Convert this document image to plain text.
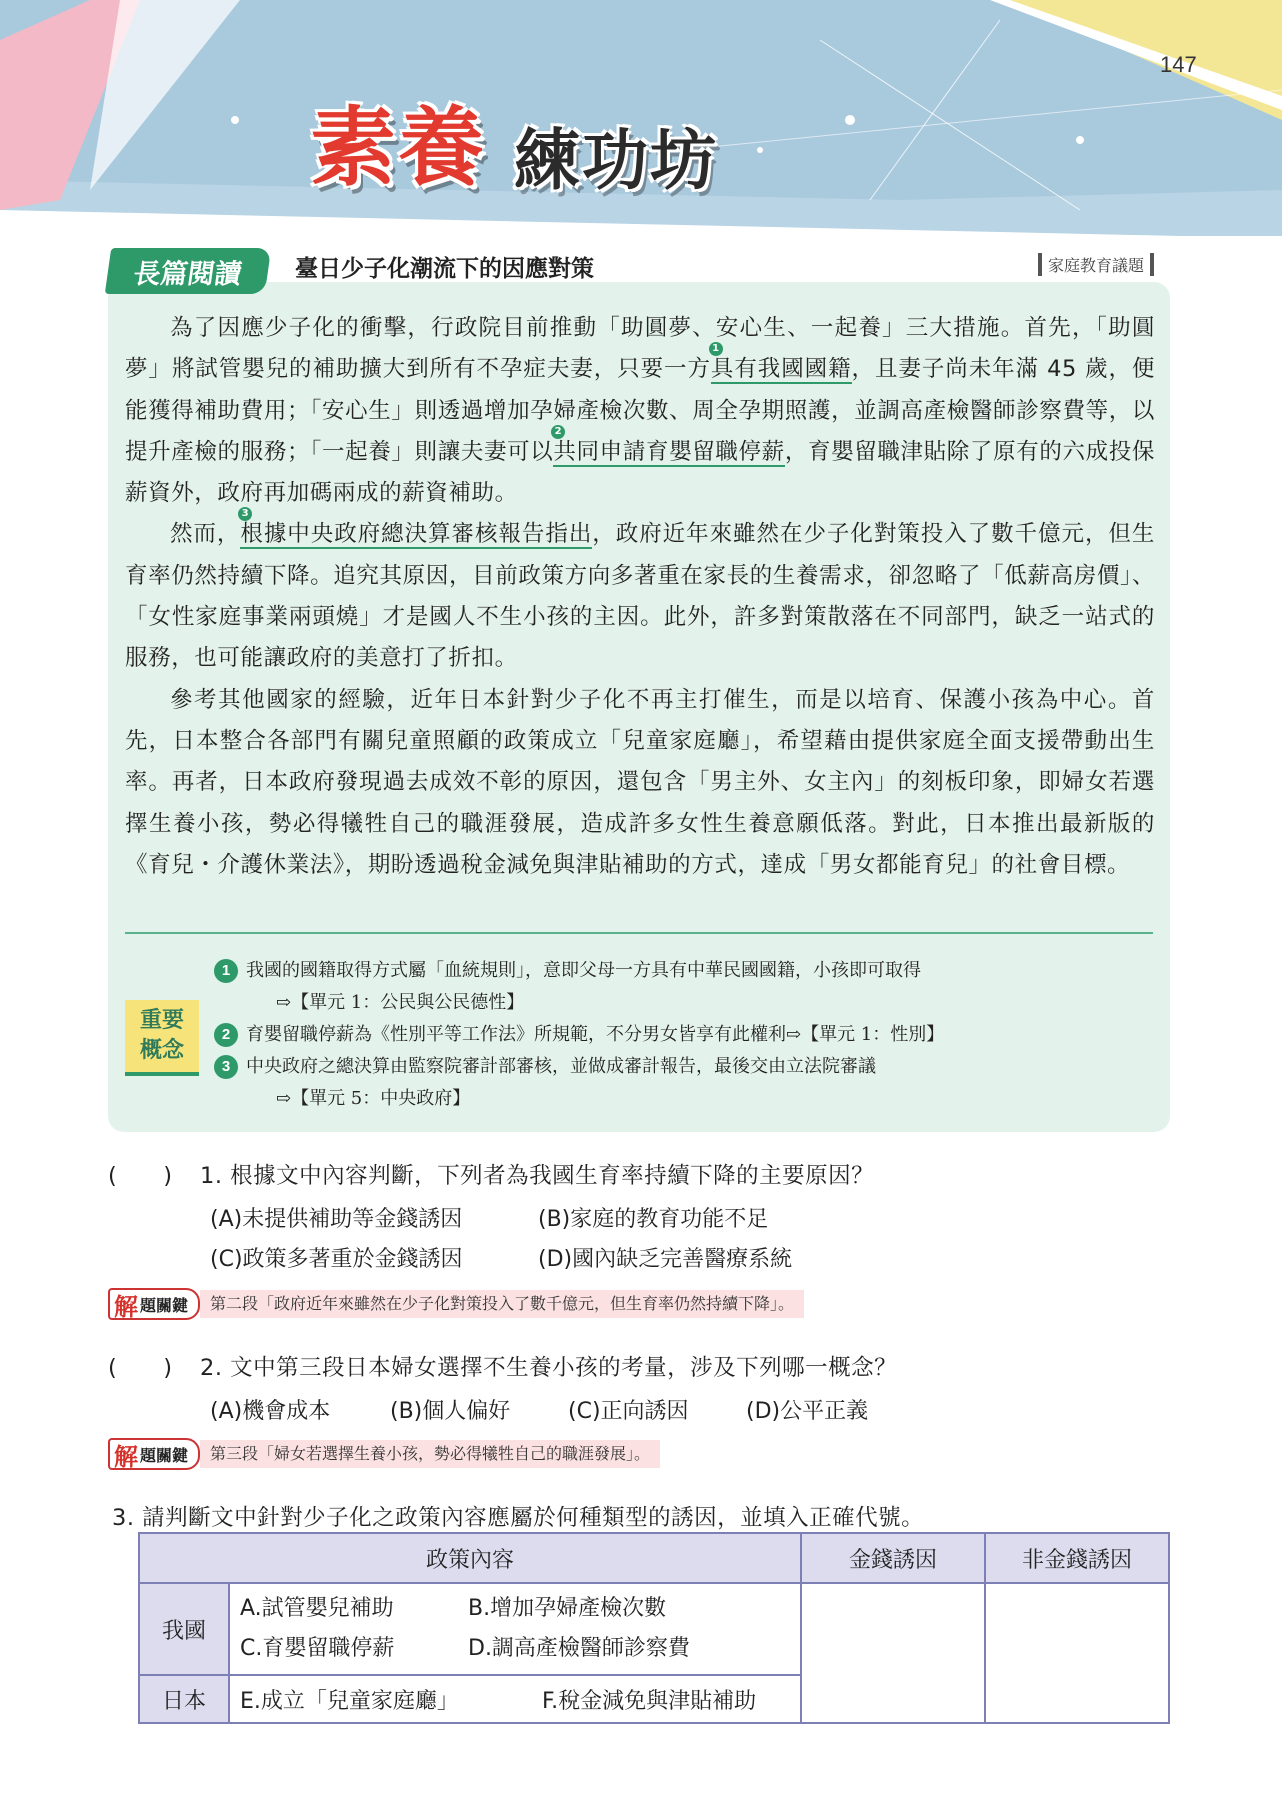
147
素養 練功坊
長篇閱讀 臺日少子化潮流下的因應對策	家庭教育議題

為了因應少子化的衝擊，行政院目前推動「助圓夢、安心生、一起養」三大措施。首先，「助圓夢」將試管嬰兒的補助擴大到所有不孕症夫妻，只要一方
1
具有我國國籍，且妻子尚未年滿 45 歲，便能獲得補助費用；「安心生」則透過增加孕婦產檢次數、周全孕期照護，並調高產檢醫師診察費等，以提升產檢的服務；「一起養」則讓夫妻可以
2
共同申請育嬰留職停薪，育嬰留職津貼除了原有的六成投保薪資外，政府再加碼兩成的薪資補助。

然而，
3
根據中央政府總決算審核報告指出，政府近年來雖然在少子化對策投入了數千億元，但生育率仍然持續下降。追究其原因，目前政策方向多著重在家長的生養需求，卻忽略了「低薪高房價」、「女性家庭事業兩頭燒」才是國人不生小孩的主因。此外，許多對策散落在不同部門，缺乏一站式的服務，也可能讓政府的美意打了折扣。

參考其他國家的經驗，近年日本針對少子化不再主打催生，而是以培育、保護小孩為中心。首先，日本整合各部門有關兒童照顧的政策成立「兒童家庭廳」，希望藉由提供家庭全面支援帶動出生率。再者，日本政府發現過去成效不彰的原因，還包含「男主外、女主內」的刻板印象，即婦女若選擇生養小孩，勢必得犧牲自己的職涯發展，造成許多女性生養意願低落。對此，日本推出最新版的《育兒・介護休業法》，期盼透過稅金減免與津貼補助的方式，達成「男女都能育兒」的社會目標。

重要
概念
1 我國的國籍取得方式屬「血統規則」，意即父母一方具有中華民國國籍，小孩即可取得
⇨【單元 1：公民與公民德性】
2 育嬰留職停薪為《性別平等工作法》所規範，不分男女皆享有此權利⇨【單元 1：性別】
3 中央政府之總決算由監察院審計部審核，並做成審計報告，最後交由立法院審議
⇨【單元 5：中央政府】
(　　) 1. 根據文中內容判斷，下列者為我國生育率持續下降的主要原因？
(A)未提供補助等金錢誘因	(B)家庭的教育功能不足
(C)政策多著重於金錢誘因	(D)國內缺乏完善醫療系統
解 題關鍵	第二段「政府近年來雖然在少子化對策投入了數千億元，但生育率仍然持續下降」。
(　　) 2. 文中第三段日本婦女選擇不生養小孩的考量，涉及下列哪一概念？
(A)機會成本	(B)個人偏好	(C)正向誘因	(D)公平正義
解 題關鍵	第三段「婦女若選擇生養小孩，勢必得犧牲自己的職涯發展」。
3. 請判斷文中針對少子化之政策內容應屬於何種類型的誘因，並填入正確代號。
政策內容		金錢誘因	非金錢誘因
我國	A.試管嬰兒補助 B.增加孕婦產檢次數
C.育嬰留職停薪 D.調高產檢醫師診察費		

日本	E.成立「兒童家庭廳」 F.稅金減免與津貼補助		
